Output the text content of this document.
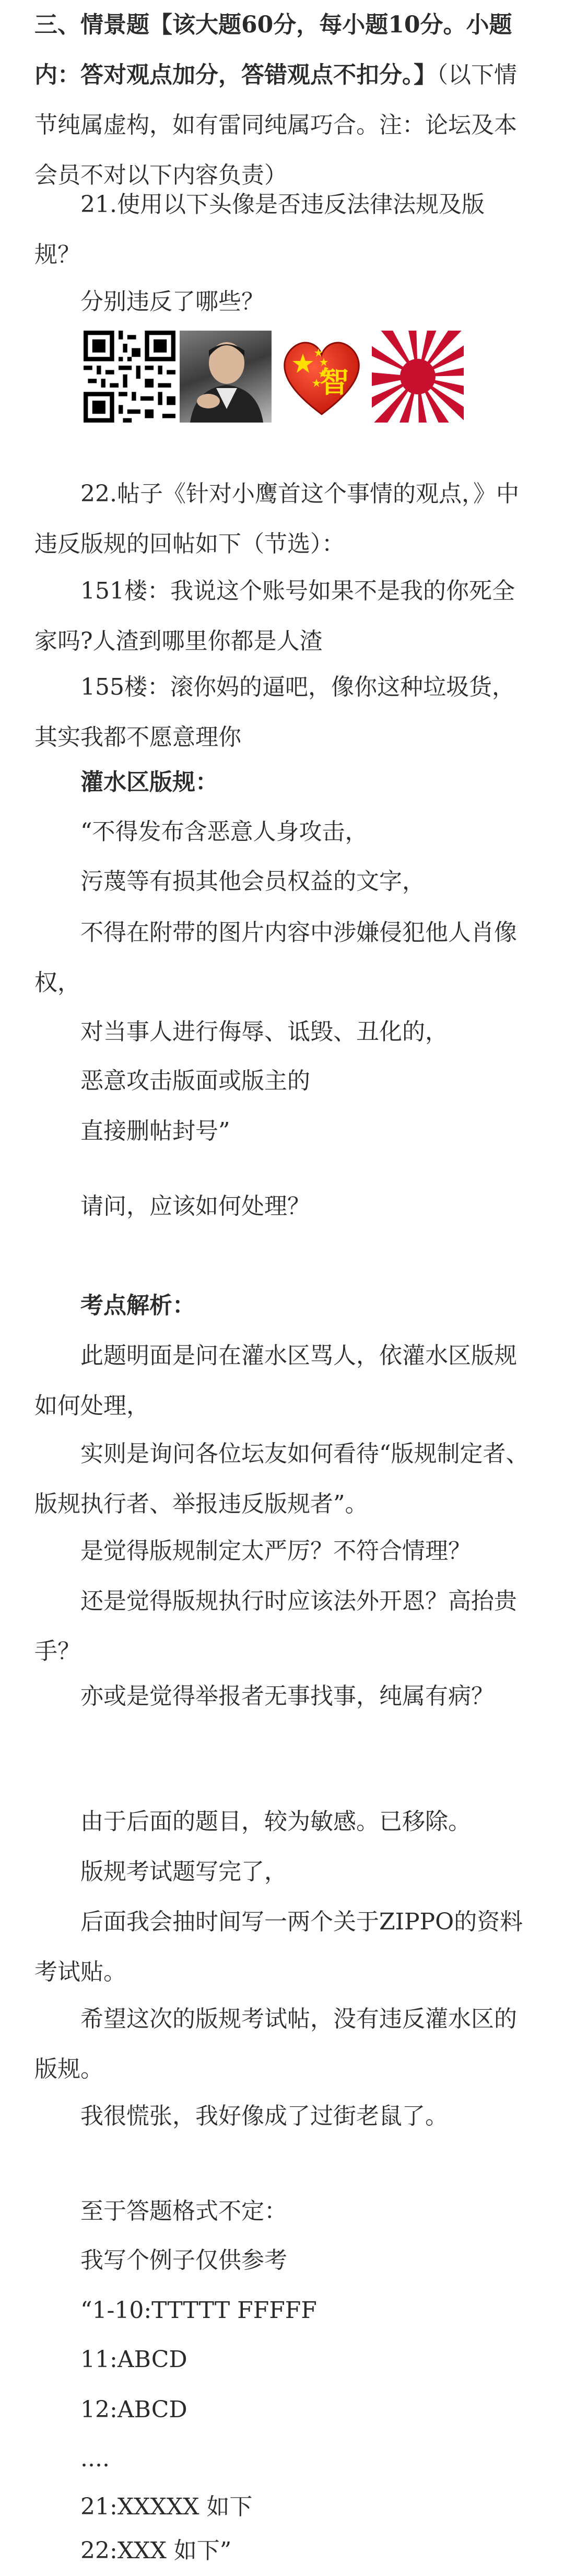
三、情景题【该大题60分，每小题10分。小题内：答对观点加分，答错观点不扣分。】（以下情节纯属虚构，如有雷同纯属巧合。注：论坛及本会员不对以下内容负责）

21.使用以下头像是否违反法律法规及版规？

分别违反了哪些？

智

22.帖子《针对小鹰首这个事情的观点，》中违反版规的回帖如下（节选）：

151楼：我说这个账号如果不是我的你死全家吗?人渣到哪里你都是人渣

155楼：滚你妈的逼吧，像你这种垃圾货，其实我都不愿意理你

灌水区版规：

“不得发布含恶意人身攻击，

污蔑等有损其他会员权益的文字，

不得在附带的图片内容中涉嫌侵犯他人肖像权，

对当事人进行侮辱、诋毁、丑化的，

恶意攻击版面或版主的

直接删帖封号”

请问，应该如何处理？

考点解析：

此题明面是问在灌水区骂人，依灌水区版规如何处理，

实则是询问各位坛友如何看待“版规制定者、版规执行者、举报违反版规者”。

是觉得版规制定太严厉？不符合情理？

还是觉得版规执行时应该法外开恩？高抬贵手？

亦或是觉得举报者无事找事，纯属有病？

由于后面的题目，较为敏感。已移除。

版规考试题写完了，

后面我会抽时间写一两个关于ZIPPO的资料考试贴。

希望这次的版规考试帖，没有违反灌水区的版规。

我很慌张，我好像成了过街老鼠了。

至于答题格式不定：

我写个例子仅供参考

“1-10:TTTTT FFFFF

11:ABCD

12:ABCD

....

21:XXXXX 如下

22:XXX 如下”
